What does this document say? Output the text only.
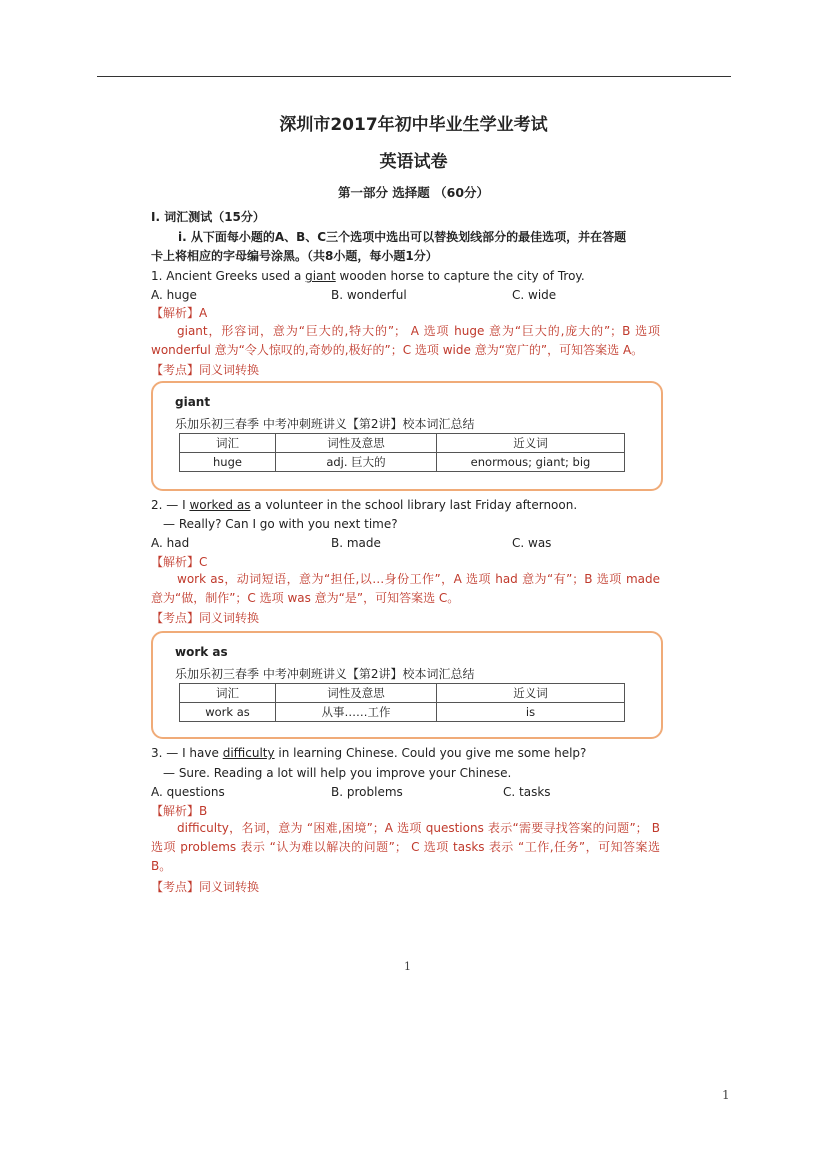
深圳市2017年初中毕业生学业考试
英语试卷
第一部分 选择题 （60分）
I. 词汇测试（15分）
ⅰ. 从下面每小题的A、B、C三个选项中选出可以替换划线部分的最佳选项，并在答题
卡上将相应的字母编号涂黑。（共8小题，每小题1分）
1. Ancient Greeks used a giant wooden horse to capture the city of Troy.
A. huge	B. wonderful	C. wide
【解析】A
giant，形容词，意为“巨大的,特大的”； A 选项 huge 意为“巨大的,庞大的”；B 选项 wonderful 意为“令人惊叹的,奇妙的,极好的”；C 选项 wide 意为“宽广的”，可知答案选 A。
【考点】同义词转换
giant
乐加乐初三春季 中考冲刺班讲义【第2讲】校本词汇总结
词汇	词性及意思	近义词
huge	adj. 巨大的	enormous; giant; big
2. — I worked as a volunteer in the school library last Friday afternoon.
— Really? Can I go with you next time?
A. had	B. made	C. was
【解析】C
work as，动词短语，意为“担任,以…身份工作”，A 选项 had 意为“有”；B 选项 made 意为“做，制作”；C 选项 was 意为“是”，可知答案选 C。
【考点】同义词转换
work as
乐加乐初三春季 中考冲刺班讲义【第2讲】校本词汇总结
词汇	词性及意思	近义词
work as	从事……工作	is
3. — I have difficulty in learning Chinese. Could you give me some help?
— Sure. Reading a lot will help you improve your Chinese.
A. questions	B. problems	C. tasks
【解析】B
difficulty，名词，意为 “困难,困境”；A 选项 questions 表示“需要寻找答案的问题”； B 选项 problems 表示 “认为难以解决的问题”； C 选项 tasks 表示 “工作,任务”，可知答案选 B。
【考点】同义词转换
1
1
